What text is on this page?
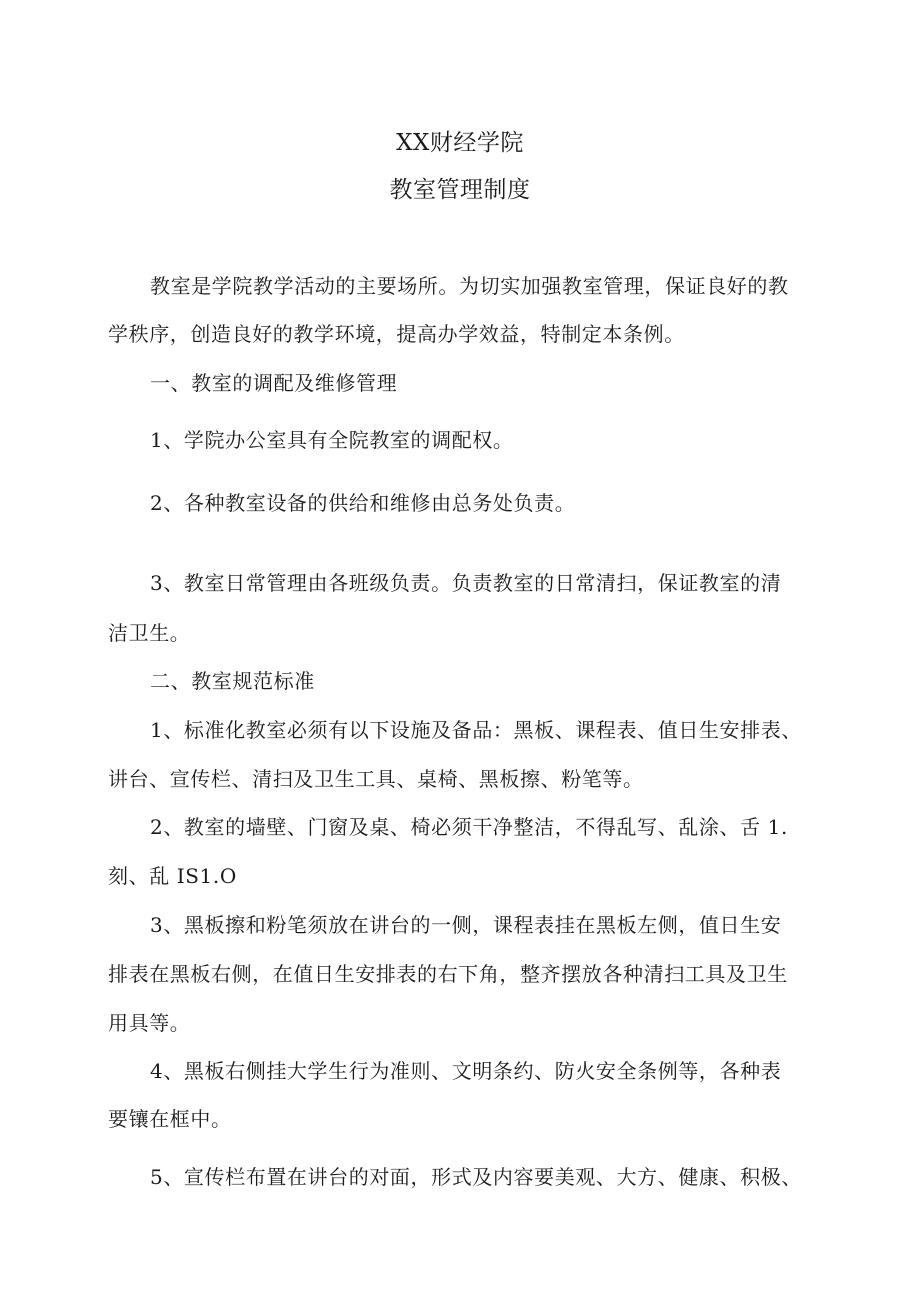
XX财经学院
教室管理制度
教室是学院教学活动的主要场所。为切实加强教室管理，保证良好的教
学秩序，创造良好的教学环境，提高办学效益，特制定本条例。
一、教室的调配及维修管理
1、学院办公室具有全院教室的调配权。
2、各种教室设备的供给和维修由总务处负责。
3、教室日常管理由各班级负责。负责教室的日常清扫，保证教室的清
洁卫生。
二、教室规范标准
1、标准化教室必须有以下设施及备品：黑板、课程表、值日生安排表、
讲台、宣传栏、清扫及卫生工具、桌椅、黑板擦、粉笔等。
2、教室的墙壁、门窗及桌、椅必须干净整洁，不得乱写、乱涂、舌 1.
刻、乱 IS1.O
3、黑板擦和粉笔须放在讲台的一侧，课程表挂在黑板左侧，值日生安
排表在黑板右侧，在值日生安排表的右下角，整齐摆放各种清扫工具及卫生
用具等。
4、黑板右侧挂大学生行为准则、文明条约、防火安全条例等，各种表
要镶在框中。
5、宣传栏布置在讲台的对面，形式及内容要美观、大方、健康、积极、
